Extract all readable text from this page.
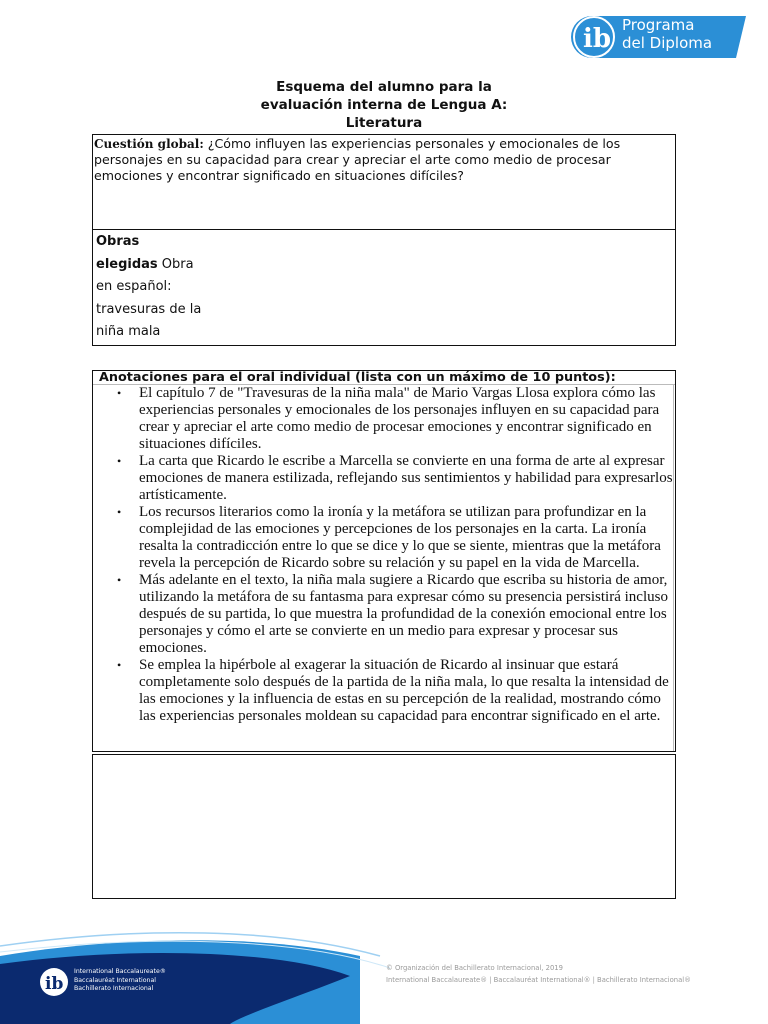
ib Programa
del Diploma
Esquema del alumno para la
evaluación interna de Lengua A:
Literatura
Cuestión global: ¿Cómo influyen las experiencias personales y emocionales de los personajes en su capacidad para crear y apreciar el arte como medio de procesar emociones y encontrar significado en situaciones difíciles?
Obras
elegidas Obra
en español:
travesuras de la
niña mala
Anotaciones para el oral individual (lista con un máximo de 10 puntos):
• El capítulo 7 de "Travesuras de la niña mala" de Mario Vargas Llosa explora cómo las experiencias personales y emocionales de los personajes influyen en su capacidad para crear y apreciar el arte como medio de procesar emociones y encontrar significado en situaciones difíciles.
• La carta que Ricardo le escribe a Marcella se convierte en una forma de arte al expresar emociones de manera estilizada, reflejando sus sentimientos y habilidad para expresarlos artísticamente.
• Los recursos literarios como la ironía y la metáfora se utilizan para profundizar en la complejidad de las emociones y percepciones de los personajes en la carta. La ironía resalta la contradicción entre lo que se dice y lo que se siente, mientras que la metáfora revela la percepción de Ricardo sobre su relación y su papel en la vida de Marcella.
• Más adelante en el texto, la niña mala sugiere a Ricardo que escriba su historia de amor, utilizando la metáfora de su fantasma para expresar cómo su presencia persistirá incluso después de su partida, lo que muestra la profundidad de la conexión emocional entre los personajes y cómo el arte se convierte en un medio para expresar y procesar sus emociones.
• Se emplea la hipérbole al exagerar la situación de Ricardo al insinuar que estará completamente solo después de la partida de la niña mala, lo que resalta la intensidad de las emociones y la influencia de estas en su percepción de la realidad, mostrando cómo las experiencias personales moldean su capacidad para encontrar significado en el arte.
ib
International Baccalaureate®
Baccalauréat International
Bachillerato Internacional
© Organización del Bachillerato Internacional, 2019
International Baccalaureate® | Baccalauréat International® | Bachillerato Internacional®
